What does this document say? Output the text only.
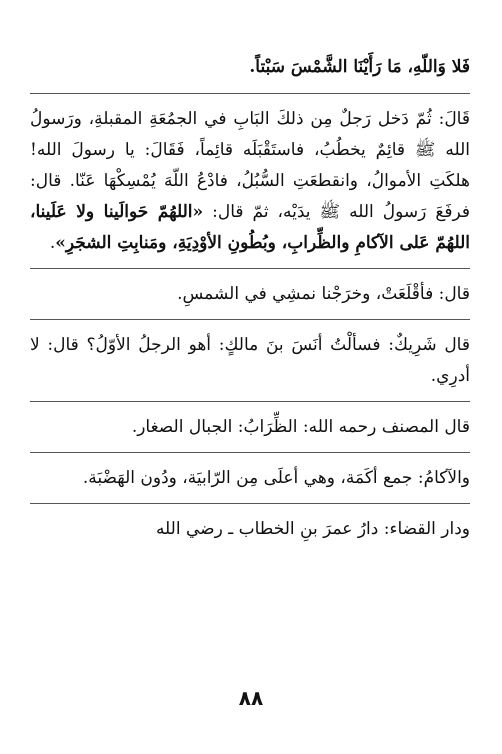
فَلا وَاللّهِ، مَا رَأَيْنَا الشَّمْسَ سَبْتاً.

قَالَ: ثُمّ دَخل رَجلٌ مِن ذلكَ البَابِ في الجمُعَةِ المقبلةِ، ورَسولُ الله ﷺ قائِمٌ يخطُبُ، فاستَقْبَلَه قائِماً، فَقَالَ: يا رسولَ الله! هلكَتِ الأموالُ، وانقطعَتِ السُّبُلُ، فادْعُ اللّهَ يُمْسِكْهَا عَنّا. قال: فرفَعَ رَسولُ الله ﷺ يدَيْه، ثمّ قال: «اللهُمّ حَوالَينا ولا عَلَينا، اللهُمّ عَلى الآكامِ والظِّرابِ، وبُطُونِ الأوْدِيَةِ، ومَنابِتِ الشجَرِ».

قال: فأقْلَعَتْ، وخرَجْنا نمشِي في الشمسِ.

قال شَرِيكٌ: فسألْتُ أنَسَ بنَ مالكٍ: أهو الرجلُ الأوّلُ؟ قال: لا أدرِي.

قال المصنف رحمه الله: الظِّرَابُ: الجبال الصغار.

والآكامُ: جمع أكَمَة، وهي أعلَى مِن الرّابيَة، ودُون الهَضْبَة.

ودار القضاء: دارُ عمرَ بنِ الخطاب ـ رضي الله

٨٨
